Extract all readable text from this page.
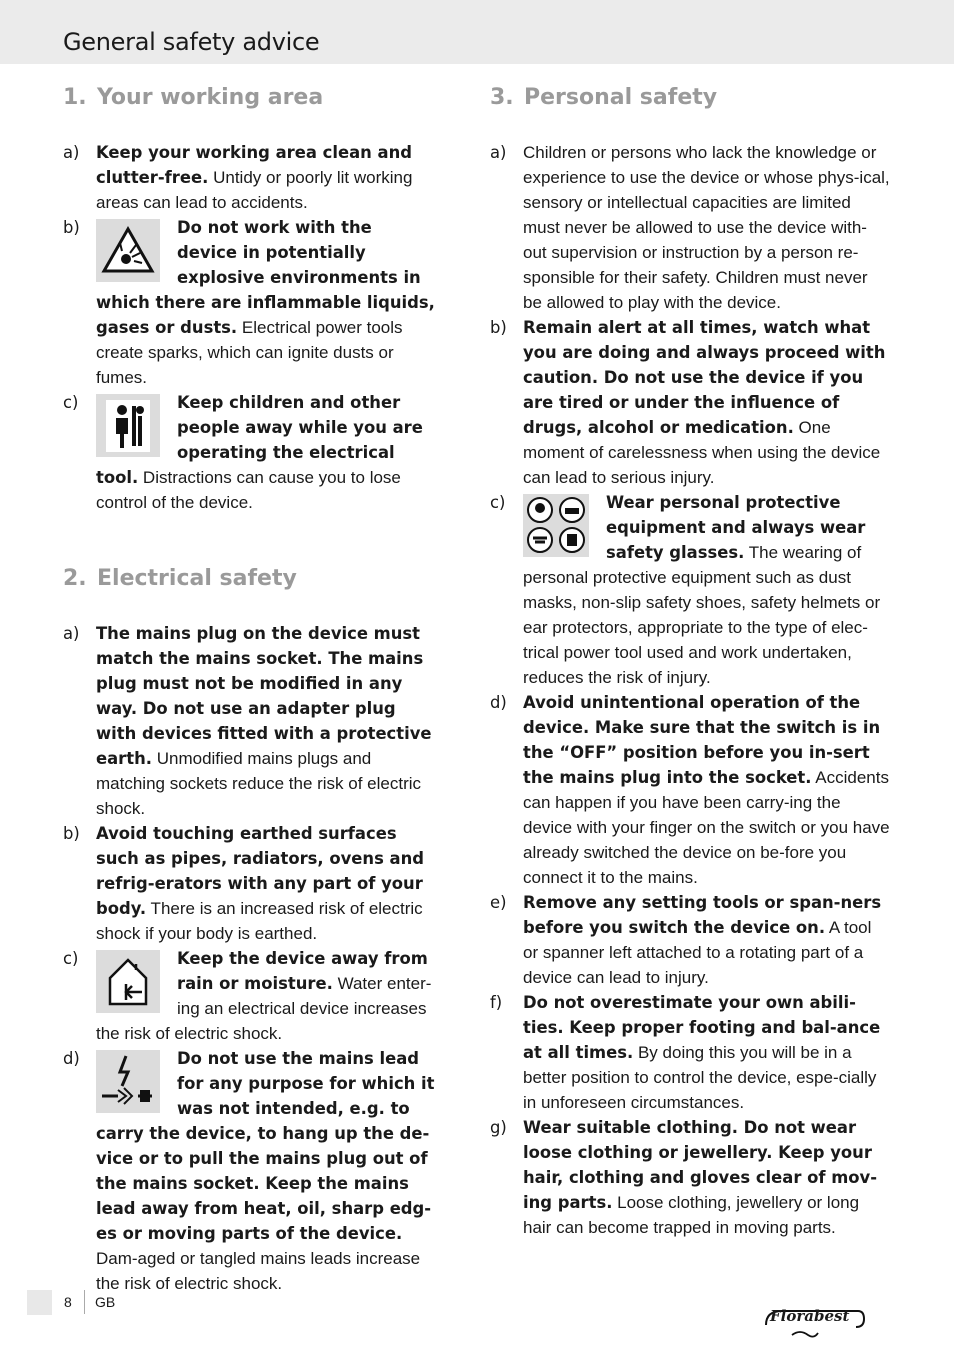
General safety advice
1. Your working area
a) Keep your working area clean and clutter-free. Untidy or poorly lit working areas can lead to accidents.
b)	Do not work with the device in potentially explosive environments in which there are inflammable liquids, gases or dusts. Electrical power tools create sparks, which can ignite dusts or fumes.
c)	Keep children and other people away while you are operating the electrical tool. Distractions can cause you to lose control of the device.
2. Electrical safety
a) The mains plug on the device must match the mains socket. The mains plug must not be modified in any way. Do not use an adapter plug with devices fitted with a protective earth. Unmodified mains plugs and matching sockets reduce the risk of electric shock.
b) Avoid touching earthed surfaces such as pipes, radiators, ovens and refrig-erators with any part of your body. There is an increased risk of electric shock if your body is earthed.
c)	Keep the device away from rain or moisture. Water enter-ing an electrical device increases the risk of electric shock.
d)	Do not use the mains lead for any purpose for which it was not intended, e.g. to carry the device, to hang up the de-vice or to pull the mains plug out of the mains socket. Keep the mains lead away from heat, oil, sharp edg-es or moving parts of the device. Dam-aged or tangled mains leads increase the risk of electric shock.
3. Personal safety
a) Children or persons who lack the knowledge or experience to use the device or whose phys-ical, sensory or intellectual capacities are limited must never be allowed to use the device with-out supervision or instruction by a person re-sponsible for their safety. Children must never be allowed to play with the device.
b) Remain alert at all times, watch what you are doing and always proceed with caution. Do not use the device if you are tired or under the influence of drugs, alcohol or medication. One moment of carelessness when using the device can lead to serious injury.
c)	Wear personal protective equipment and always wear safety glasses. The wearing of personal protective equipment such as dust masks, non-slip safety shoes, safety helmets or ear protectors, appropriate to the type of elec-trical power tool used and work undertaken, reduces the risk of injury.
d) Avoid unintentional operation of the device. Make sure that the switch is in the “OFF” position before you in-sert the mains plug into the socket. Accidents can happen if you have been carry-ing the device with your finger on the switch or you have already switched the device on be-fore you connect it to the mains.
e) Remove any setting tools or span-ners before you switch the device on. A tool or spanner left attached to a rotating part of a device can lead to injury.
f) Do not overestimate your own abili-ties. Keep proper footing and bal-ance at all times. By doing this you will be in a better position to control the device, espe-cially in unforeseen circumstances.
g) Wear suitable clothing. Do not wear loose clothing or jewellery. Keep your hair, clothing and gloves clear of mov-ing parts. Loose clothing, jewellery or long hair can become trapped in moving parts.
8 GB
Florabest
